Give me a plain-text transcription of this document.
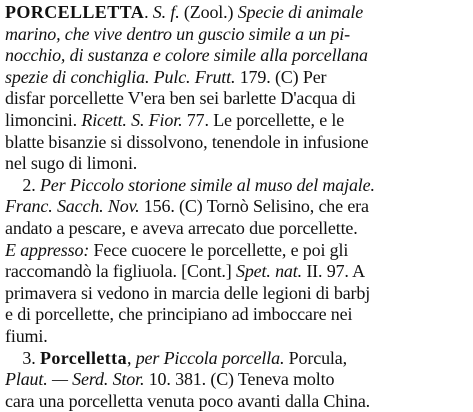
PORCELLETTA. S. f. (Zool.) Specie di animale
marino, che vive dentro un guscio simile a un pi-
nocchio, di sustanza e colore simile alla porcellana
spezie di conchiglia. Pulc. Frutt. 179. (C) Per
disfar porcellette V'era ben sei barlette D'acqua di
limoncini. Ricett. S. Fior. 77. Le porcellette, e le
blatte bisanzie si dissolvono, tenendole in infusione
nel sugo di limoni.
2. Per Piccolo storione simile al muso del majale.
Franc. Sacch. Nov. 156. (C) Tornò Selisino, che era
andato a pescare, e aveva arrecato due porcellette.
E appresso: Fece cuocere le porcellette, e poi gli
raccomandò la figliuola. [Cont.] Spet. nat. II. 97. A
primavera si vedono in marcia delle legioni di barbj
e di porcellette, che principiano ad imboccare nei
fiumi.
3. Porcelletta, per Piccola porcella. Porcula,
Plaut. — Serd. Stor. 10. 381. (C) Teneva molto
cara una porcelletta venuta poco avanti dalla China.
